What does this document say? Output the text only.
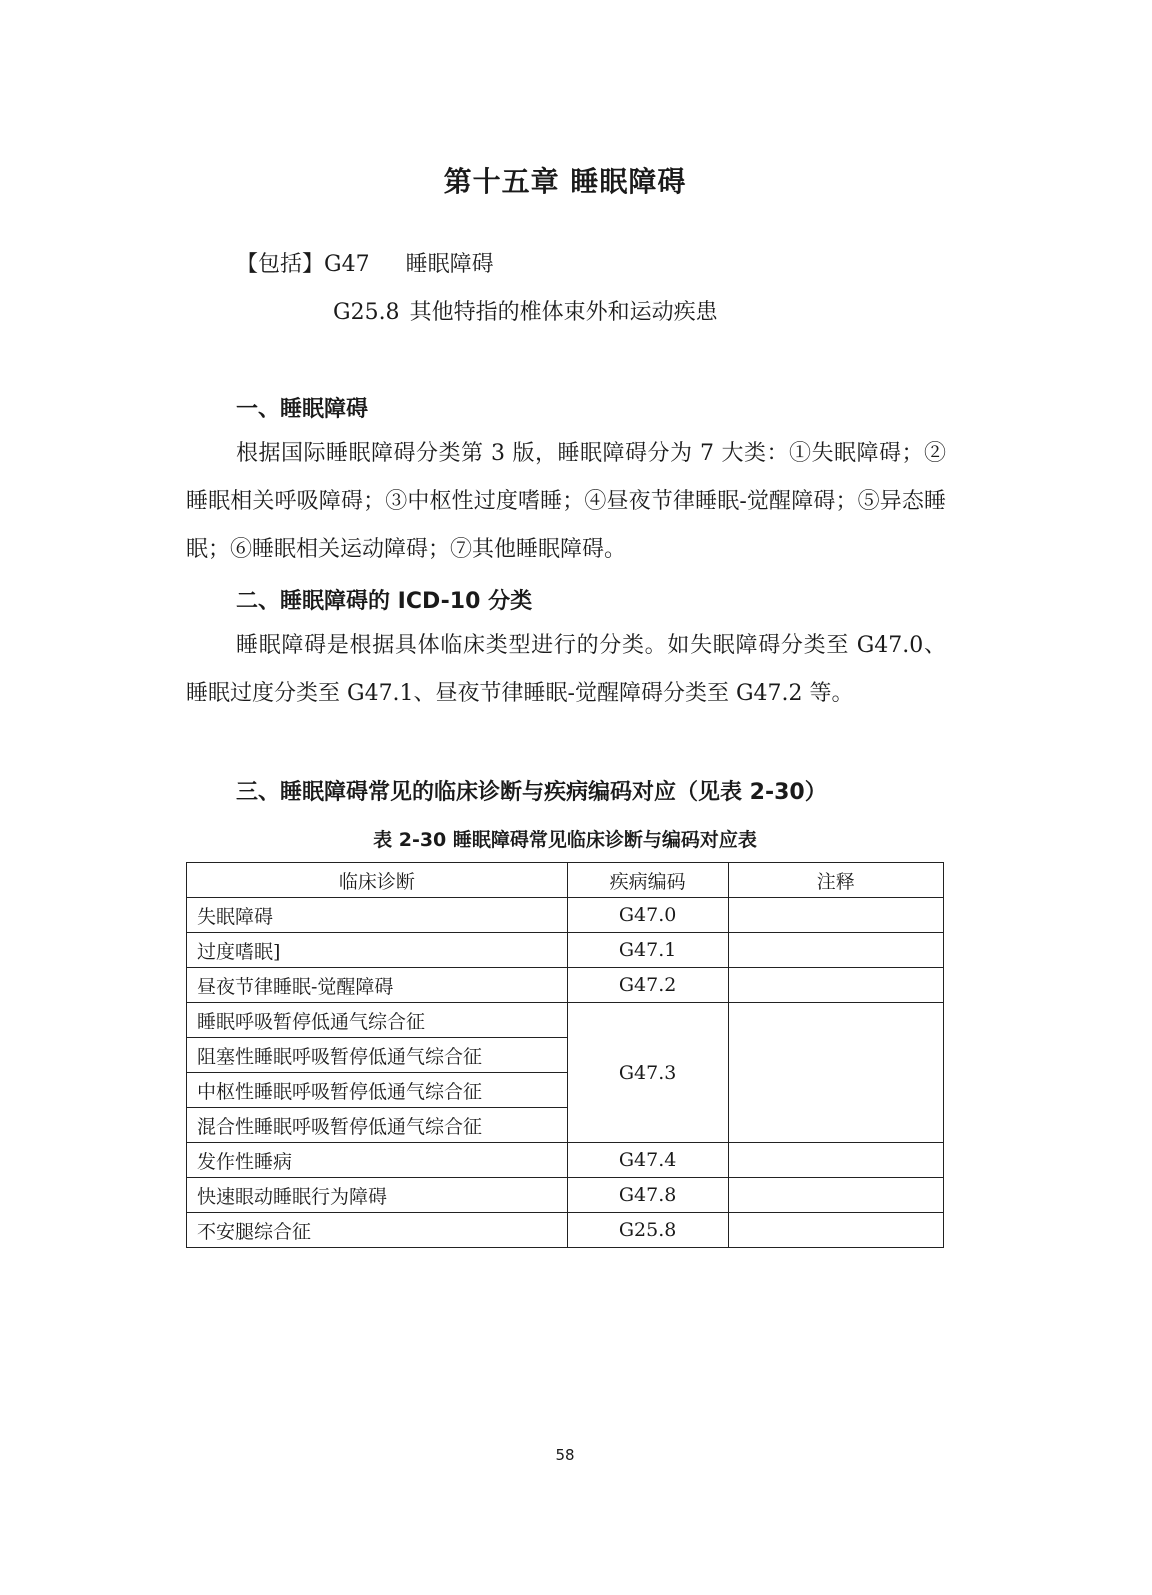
第十五章 睡眠障碍
【包括】G47 睡眠障碍
G25.8 其他特指的椎体束外和运动疾患
一、睡眠障碍
根据国际睡眠障碍分类第 3 版，睡眠障碍分为 7 大类：①失眠障碍；②睡眠相关呼吸障碍；③中枢性过度嗜睡；④昼夜节律睡眠-觉醒障碍；⑤异态睡眠；⑥睡眠相关运动障碍；⑦其他睡眠障碍。
二、睡眠障碍的 ICD-10 分类
睡眠障碍是根据具体临床类型进行的分类。如失眠障碍分类至 G47.0、睡眠过度分类至 G47.1、昼夜节律睡眠-觉醒障碍分类至 G47.2 等。
三、睡眠障碍常见的临床诊断与疾病编码对应（见表 2-30）
表 2-30 睡眠障碍常见临床诊断与编码对应表
临床诊断	疾病编码	注释
失眠障碍	G47.0	
过度嗜眠]	G47.1	
昼夜节律睡眠-觉醒障碍	G47.2	
睡眠呼吸暂停低通气综合征	G47.3	
阻塞性睡眠呼吸暂停低通气综合征		
中枢性睡眠呼吸暂停低通气综合征		
混合性睡眠呼吸暂停低通气综合征		
发作性睡病	G47.4	
快速眼动睡眠行为障碍	G47.8	
不安腿综合征	G25.8	
58
